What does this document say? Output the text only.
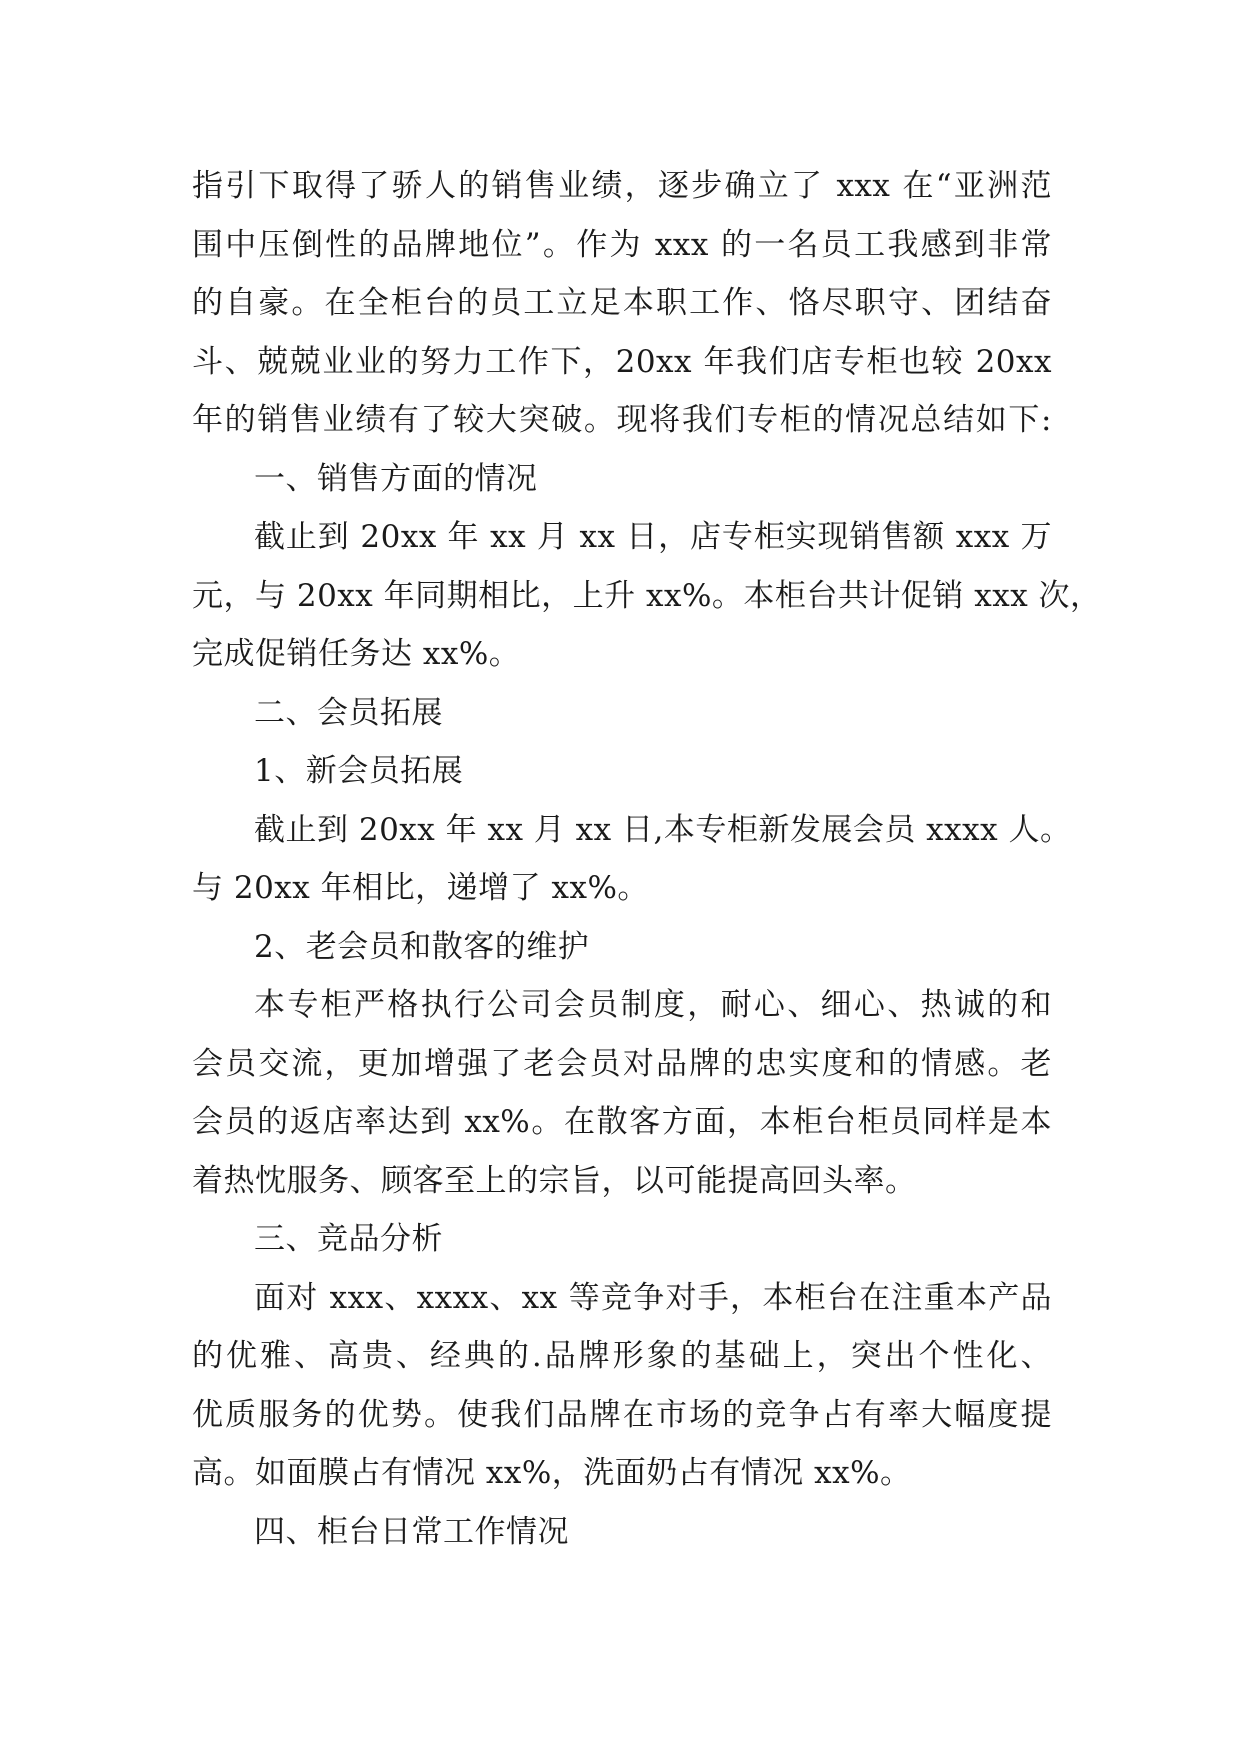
指引下取得了骄人的销售业绩，逐步确立了 xxx 在“亚洲范
围中压倒性的品牌地位”。作为 xxx 的一名员工我感到非常
的自豪。在全柜台的员工立足本职工作、恪尽职守、团结奋
斗、兢兢业业的努力工作下，20xx 年我们店专柜也较 20xx
年的销售业绩有了较大突破。现将我们专柜的情况总结如下:
一、销售方面的情况
截止到 20xx 年 xx 月 xx 日，店专柜实现销售额 xxx 万
元，与 20xx 年同期相比，上升 xx%。本柜台共计促销 xxx 次，
完成促销任务达 xx%。
二、会员拓展
1、新会员拓展
截止到 20xx 年 xx 月 xx 日,本专柜新发展会员 xxxx 人。
与 20xx 年相比，递增了 xx%。
2、老会员和散客的维护
本专柜严格执行公司会员制度，耐心、细心、热诚的和
会员交流，更加增强了老会员对品牌的忠实度和的情感。老
会员的返店率达到 xx%。在散客方面，本柜台柜员同样是本
着热忱服务、顾客至上的宗旨，以可能提高回头率。
三、竞品分析
面对 xxx、xxxx、xx 等竞争对手，本柜台在注重本产品
的优雅、高贵、经典的.品牌形象的基础上，突出个性化、
优质服务的优势。使我们品牌在市场的竞争占有率大幅度提
高。如面膜占有情况 xx%，洗面奶占有情况 xx%。
四、柜台日常工作情况
